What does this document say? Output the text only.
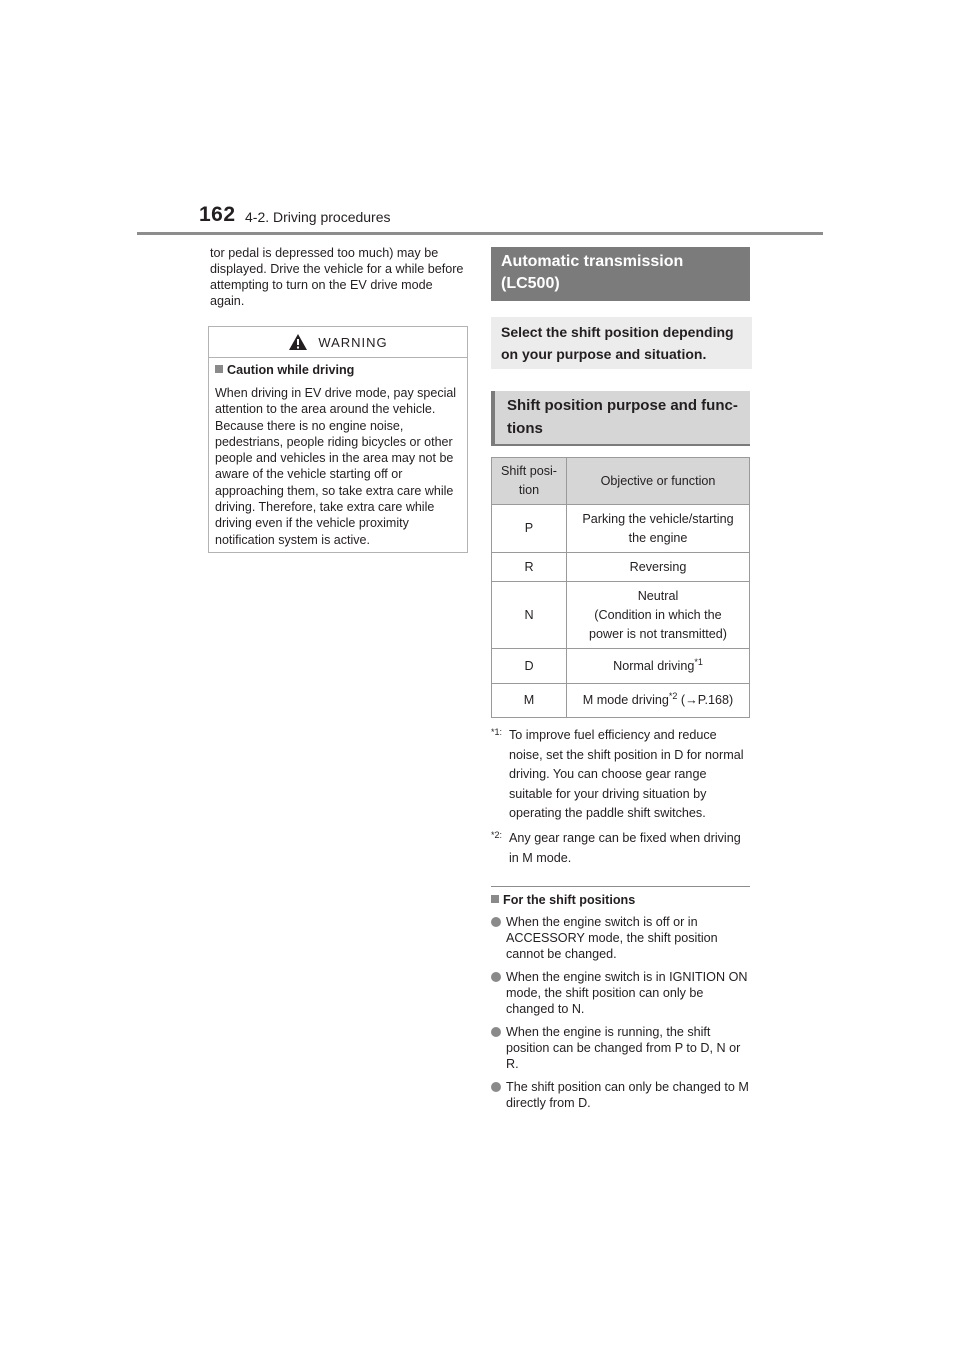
162 4-2. Driving procedures
tor pedal is depressed too much) may be displayed. Drive the vehicle for a while before attempting to turn on the EV drive mode again.
WARNING
Caution while driving
When driving in EV drive mode, pay special attention to the area around the vehicle. Because there is no engine noise, pedestrians, people riding bicycles or other people and vehicles in the area may not be aware of the vehicle starting off or approaching them, so take extra care while driving. Therefore, take extra care while driving even if the vehicle proximity notification system is active.
Automatic transmission
(LC500)
Select the shift position depending
on your purpose and situation.
Shift position purpose and func-
tions
Shift posi-
tion	Objective or function
P	Parking the vehicle/starting
the engine
R	Reversing
N	Neutral
(Condition in which the
power is not transmitted)
D	Normal driving$^{*1}$
M	M mode driving$^{*2}$ (→P.168)
*1: To improve fuel efficiency and reduce noise, set the shift position in D for normal driving. You can choose gear range suitable for your driving situation by operating the paddle shift switches.
*2: Any gear range can be fixed when driving in M mode.
For the shift positions
When the engine switch is off or in ACCESSORY mode, the shift position cannot be changed.
When the engine switch is in IGNITION ON mode, the shift position can only be changed to N.
When the engine is running, the shift position can be changed from P to D, N or R.
The shift position can only be changed to M directly from D.
